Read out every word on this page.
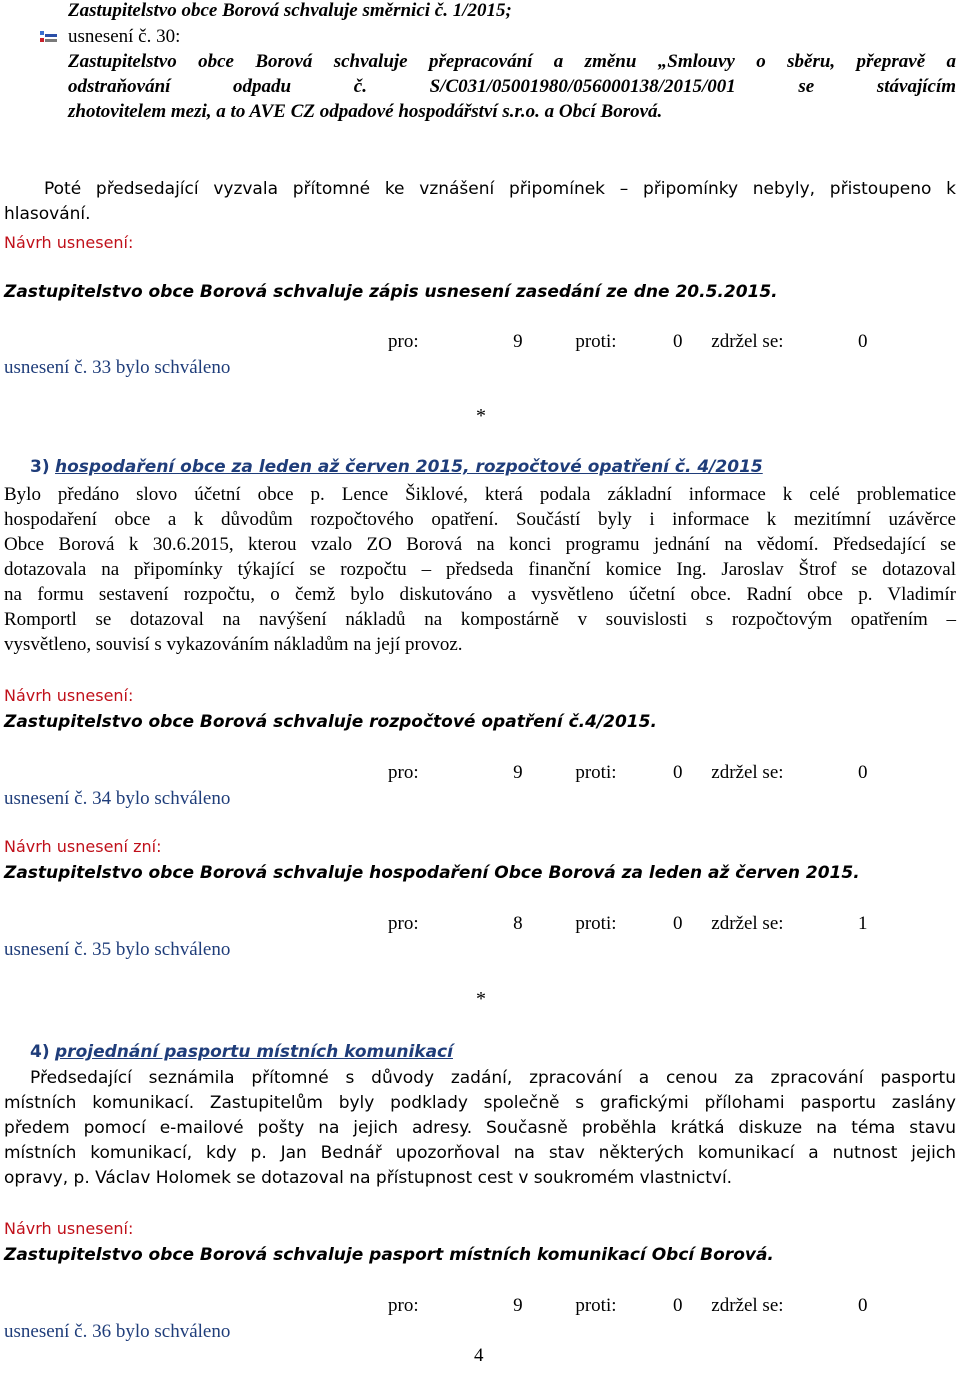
Zastupitelstvo obce Borová schvaluje směrnici č. 1/2015;
usnesení č. 30:
Zastupitelstvo obce Borová schvaluje přepracování a změnu „Smlouvy o sběru, přepravě a
odstraňování odpadu č. S/C031/05001980/056000138/2015/001 se stávajícím
zhotovitelem mezi, a to AVE CZ odpadové hospodářství s.r.o. a Obcí Borová.
Poté předsedající vyzvala přítomné ke vznášení připomínek – připomínky nebyly, přistoupeno k
hlasování.
Návrh usnesení:
Zastupitelstvo obce Borová schvaluje zápis usnesení zasedání ze dne 20.5.2015.
usnesení č. 33 bylo schváleno
pro:	9	proti:	0 zdržel se:	0
*
3) hospodaření obce za leden až červen 2015, rozpočtové opatření č. 4/2015
Bylo předáno slovo účetní obce p. Lence Šiklové, která podala základní informace k celé problematice
hospodaření obce a k důvodům rozpočtového opatření. Součástí byly i informace k mezitímní uzávěrce
Obce Borová k 30.6.2015, kterou vzalo ZO Borová na konci programu jednání na vědomí. Předsedající se
dotazovala na připomínky týkající se rozpočtu – předseda finanční komice Ing. Jaroslav Štrof se dotazoval
na formu sestavení rozpočtu, o čemž bylo diskutováno a vysvětleno účetní obce. Radní obce p. Vladimír
Romportl se dotazoval na navýšení nákladů na kompostárně v souvislosti s rozpočtovým opatřením –
vysvětleno, souvisí s vykazováním nákladům na její provoz.
Návrh usnesení:
Zastupitelstvo obce Borová schvaluje rozpočtové opatření č.4/2015.
pro:	9	proti:	0 zdržel se:	0
usnesení č. 34 bylo schváleno
Návrh usnesení zní:
Zastupitelstvo obce Borová schvaluje hospodaření Obce Borová za leden až červen 2015.
pro:	8	proti:	0 zdržel se:	1
usnesení č. 35 bylo schváleno
*
4) projednání pasportu místních komunikací
Předsedající seznámila přítomné s důvody zadání, zpracování a cenou za zpracování pasportu
místních komunikací. Zastupitelům byly podklady společně s grafickými přílohami pasportu zaslány
předem pomocí e-mailové pošty na jejich adresy. Současně proběhla krátká diskuze na téma stavu
místních komunikací, kdy p. Jan Bednář upozorňoval na stav některých komunikací a nutnost jejich
opravy, p. Václav Holomek se dotazoval na přístupnost cest v soukromém vlastnictví.
Návrh usnesení:
Zastupitelstvo obce Borová schvaluje pasport místních komunikací Obcí Borová.
pro:	9	proti:	0 zdržel se:	0
usnesení č. 36 bylo schváleno
4
